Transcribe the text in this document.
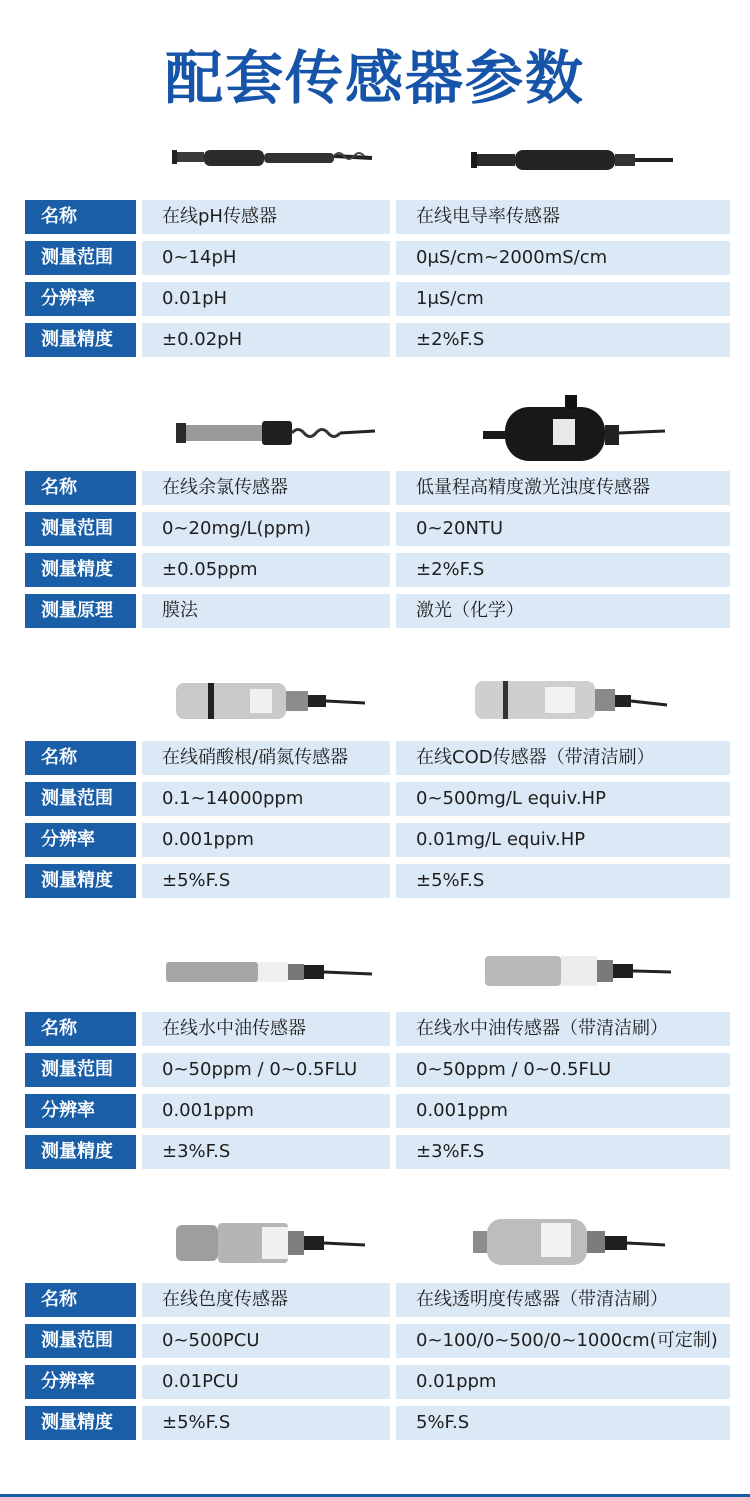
配套传感器参数
名称	在线pH传感器	在线电导率传感器
测量范围	0~14pH	0μS/cm~2000mS/cm
分辨率	0.01pH	1μS/cm
测量精度	±0.02pH	±2%F.S
名称	在线余氯传感器	低量程高精度激光浊度传感器
测量范围	0~20mg/L(ppm)	0~20NTU
测量精度	±0.05ppm	±2%F.S
测量原理	膜法	激光（化学）
名称	在线硝酸根/硝氮传感器	在线COD传感器（带清洁刷）
测量范围	0.1~14000ppm	0~500mg/L equiv.HP
分辨率	0.001ppm	0.01mg/L equiv.HP
测量精度	±5%F.S	±5%F.S
名称	在线水中油传感器	在线水中油传感器（带清洁刷）
测量范围	0~50ppm / 0~0.5FLU	0~50ppm / 0~0.5FLU
分辨率	0.001ppm	0.001ppm
测量精度	±3%F.S	±3%F.S
名称	在线色度传感器	在线透明度传感器（带清洁刷）
测量范围	0~500PCU	0~100/0~500/0~1000cm(可定制)
分辨率	0.01PCU	0.01ppm
测量精度	±5%F.S	5%F.S
